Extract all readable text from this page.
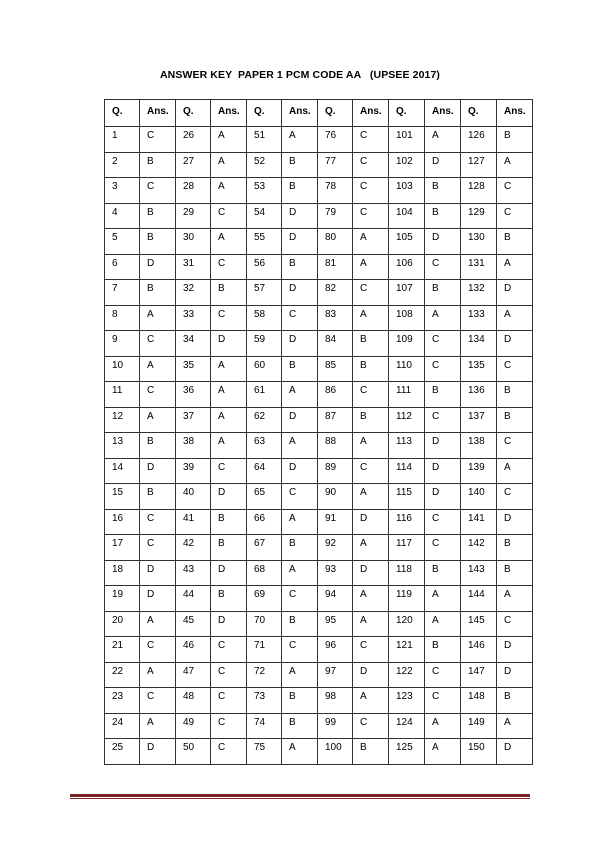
ANSWER KEY  PAPER 1 PCM CODE AA   (UPSEE 2017)
Q.	Ans.	Q.	Ans.	Q.	Ans.	Q.	Ans.	Q.	Ans.	Q.	Ans.
1	C	26	A	51	A	76	C	101	A	126	B
2	B	27	A	52	B	77	C	102	D	127	A
3	C	28	A	53	B	78	C	103	B	128	C
4	B	29	C	54	D	79	C	104	B	129	C
5	B	30	A	55	D	80	A	105	D	130	B
6	D	31	C	56	B	81	A	106	C	131	A
7	B	32	B	57	D	82	C	107	B	132	D
8	A	33	C	58	C	83	A	108	A	133	A
9	C	34	D	59	D	84	B	109	C	134	D
10	A	35	A	60	B	85	B	110	C	135	C
11	C	36	A	61	A	86	C	111	B	136	B
12	A	37	A	62	D	87	B	112	C	137	B
13	B	38	A	63	A	88	A	113	D	138	C
14	D	39	C	64	D	89	C	114	D	139	A
15	B	40	D	65	C	90	A	115	D	140	C
16	C	41	B	66	A	91	D	116	C	141	D
17	C	42	B	67	B	92	A	117	C	142	B
18	D	43	D	68	A	93	D	118	B	143	B
19	D	44	B	69	C	94	A	119	A	144	A
20	A	45	D	70	B	95	A	120	A	145	C
21	C	46	C	71	C	96	C	121	B	146	D
22	A	47	C	72	A	97	D	122	C	147	D
23	C	48	C	73	B	98	A	123	C	148	B
24	A	49	C	74	B	99	C	124	A	149	A
25	D	50	C	75	A	100	B	125	A	150	D
